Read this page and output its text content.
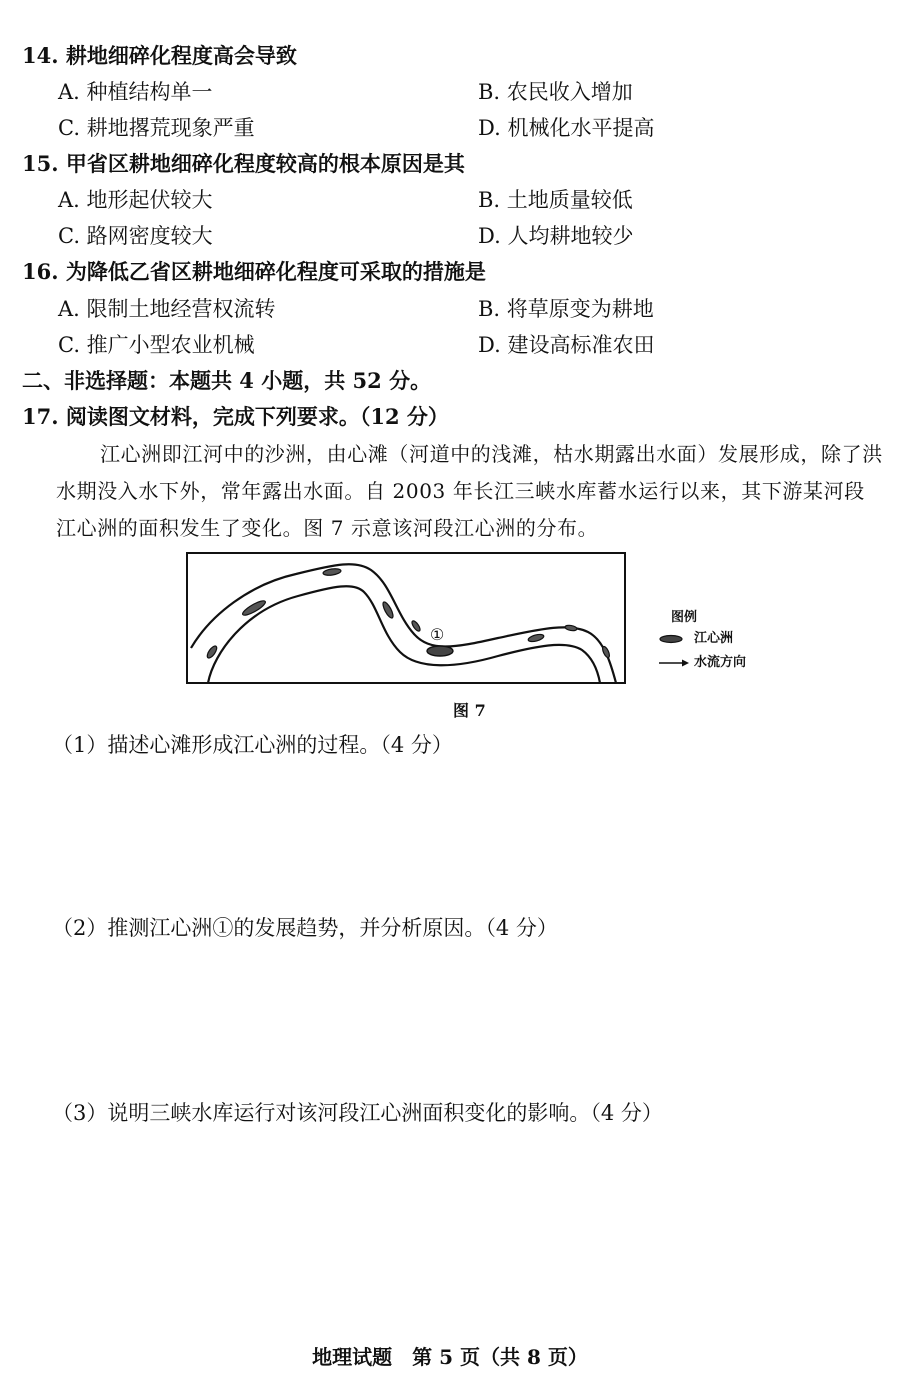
14. 耕地细碎化程度高会导致
A. 种植结构单一	B. 农民收入增加
C. 耕地撂荒现象严重	D. 机械化水平提高
15. 甲省区耕地细碎化程度较高的根本原因是其
A. 地形起伏较大	B. 土地质量较低
C. 路网密度较大	D. 人均耕地较少
16. 为降低乙省区耕地细碎化程度可采取的措施是
A. 限制土地经营权流转	B. 将草原变为耕地
C. 推广小型农业机械	D. 建设高标准农田
二、非选择题：本题共 4 小题，共 52 分。
17. 阅读图文材料，完成下列要求。（12 分）
江心洲即江河中的沙洲，由心滩（河道中的浅滩，枯水期露出水面）发展形成，除了洪
水期没入水下外，常年露出水面。自 2003 年长江三峡水库蓄水运行以来，其下游某河段
江心洲的面积发生了变化。图 7 示意该河段江心洲的分布。
①
图例
江心洲
水流方向
图 7
（1）描述心滩形成江心洲的过程。（4 分）
（2）推测江心洲①的发展趋势，并分析原因。（4 分）
（3）说明三峡水库运行对该河段江心洲面积变化的影响。（4 分）
地理试题　第 5 页（共 8 页）
